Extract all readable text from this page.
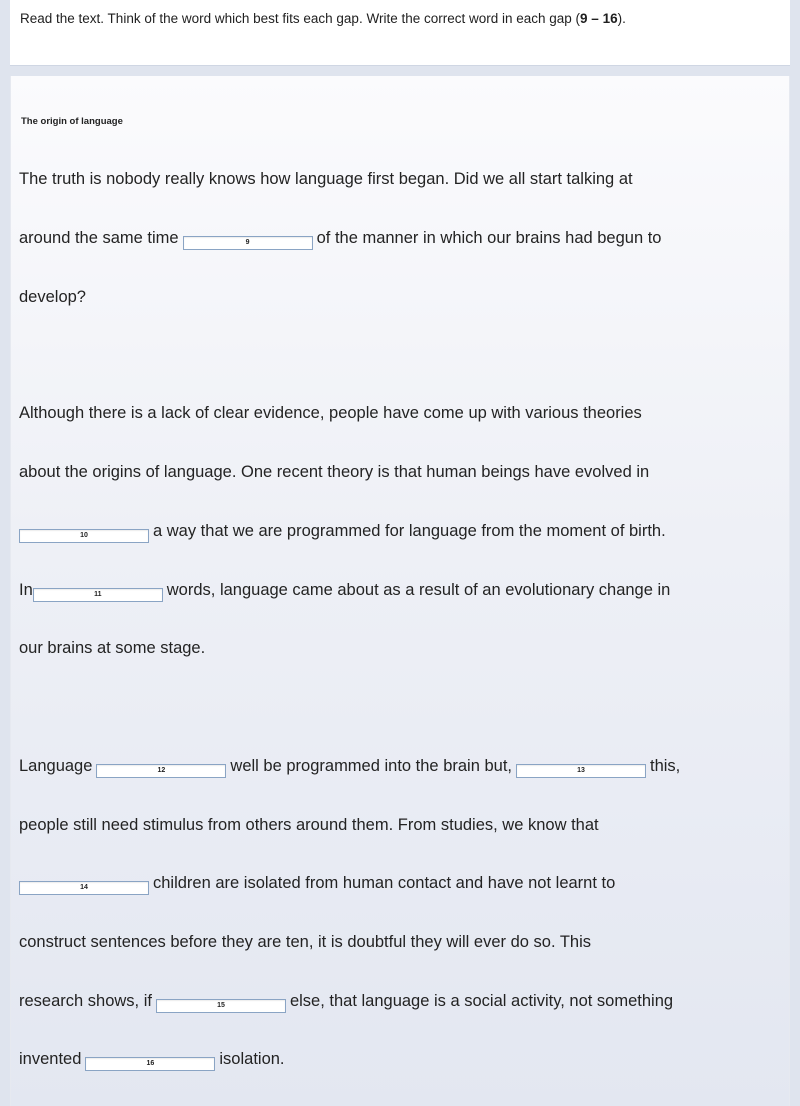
Read the text. Think of the word which best fits each gap. Write the correct word in each gap (9 – 16).
The origin of language
The truth is nobody really knows how language first began. Did we all start talking at
around the same time	9	of the manner in which our brains had begun to
develop?
Although there is a lack of clear evidence, people have come up with various theories
about the origins of language. One recent theory is that human beings have evolved in
10	a way that we are programmed for language from the moment of birth.
In	11	words, language came about as a result of an evolutionary change in
our brains at some stage.
Language	12	well be programmed into the brain but,	13	this,
people still need stimulus from others around them. From studies, we know that
14	children are isolated from human contact and have not learnt to
construct sentences before they are ten, it is doubtful they will ever do so. This
research shows, if	15	else, that language is a social activity, not something
invented	16	isolation.
